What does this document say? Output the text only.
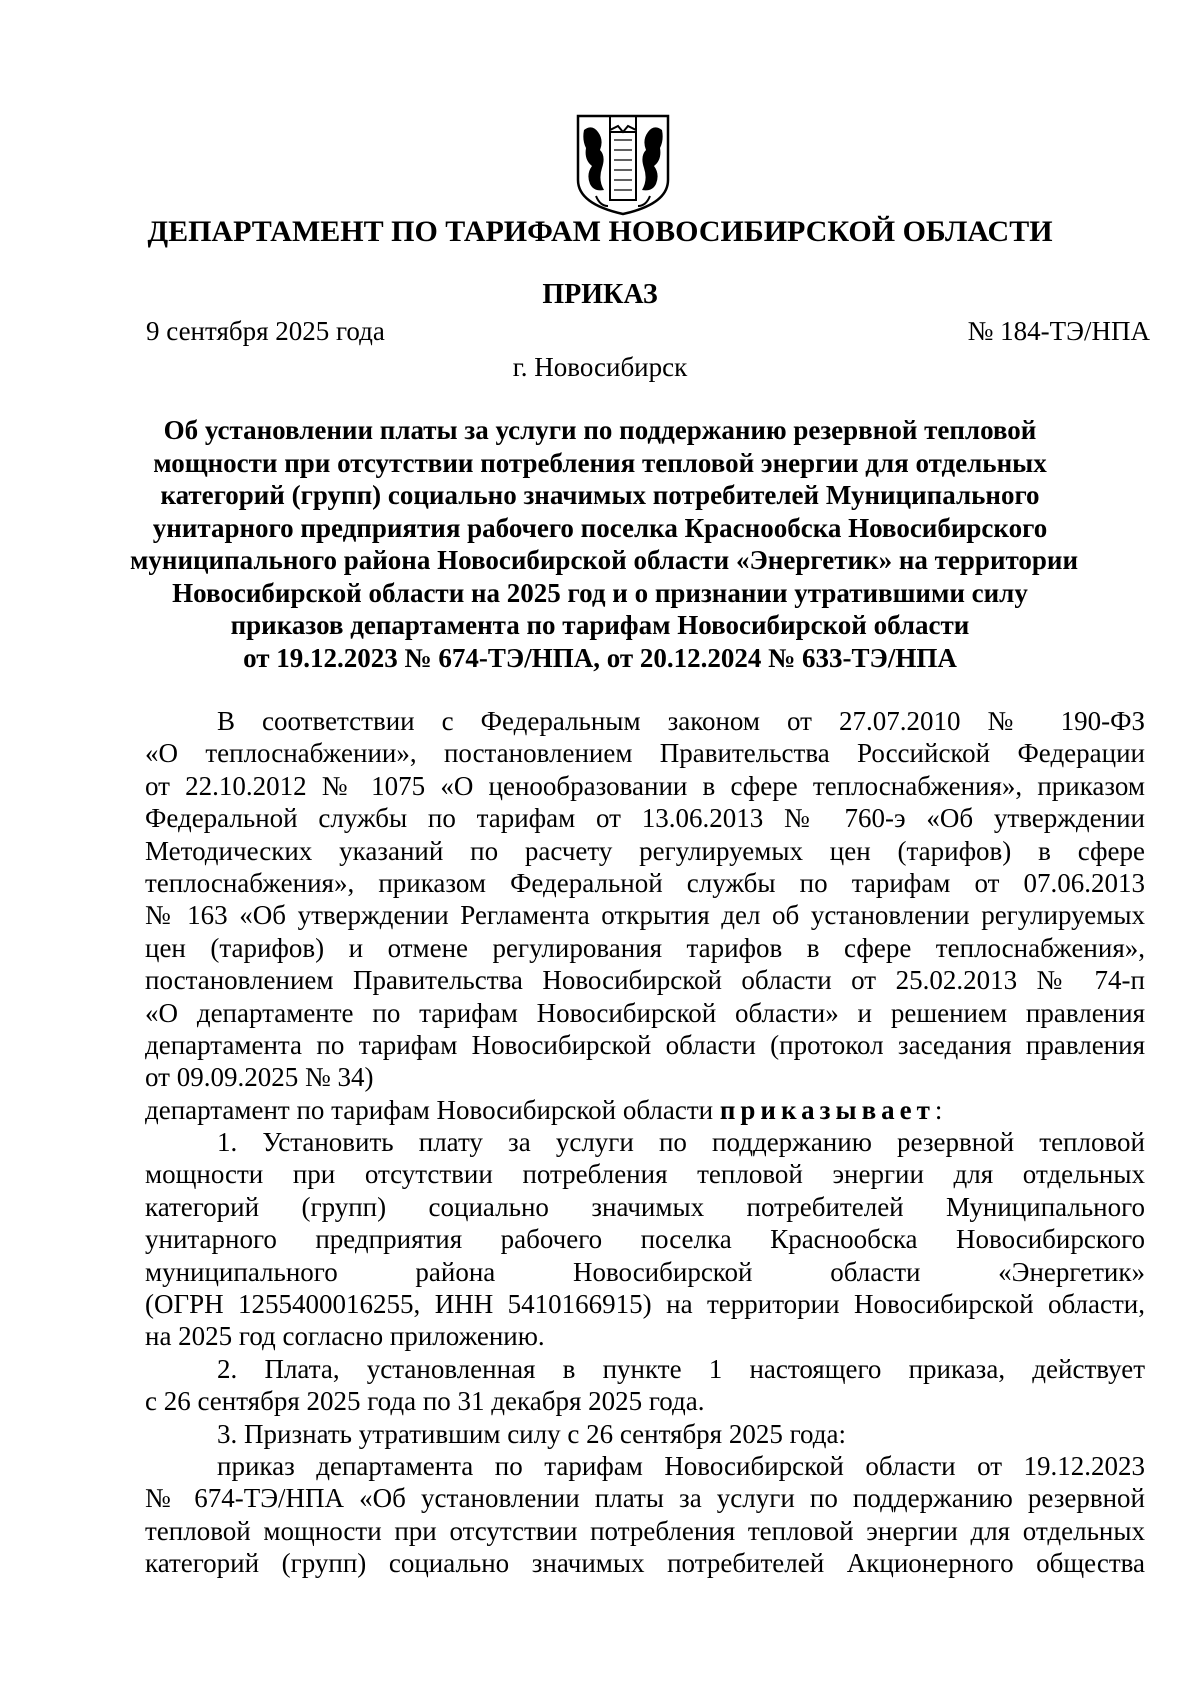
ДЕПАРТАМЕНТ ПО ТАРИФАМ НОВОСИБИРСКОЙ ОБЛАСТИ
ПРИКАЗ
9 сентября 2025 года	№ 184-ТЭ/НПА
г. Новосибирск
Об установлении платы за услуги по поддержанию резервной тепловой
мощности при отсутствии потребления тепловой энергии для отдельных
категорий (групп) социально значимых потребителей Муниципального
унитарного предприятия рабочего поселка Краснообска Новосибирского
муниципального района Новосибирской области «Энергетик» на территории
Новосибирской области на 2025 год и о признании утратившими силу
приказов департамента по тарифам Новосибирской области
от 19.12.2023 № 674-ТЭ/НПА, от 20.12.2024 № 633-ТЭ/НПА
В соответствии с Федеральным законом от 27.07.2010 № 190-ФЗ
«О теплоснабжении», постановлением Правительства Российской Федерации
от 22.10.2012 № 1075 «О ценообразовании в сфере теплоснабжения», приказом
Федеральной службы по тарифам от 13.06.2013 № 760-э «Об утверждении
Методических указаний по расчету регулируемых цен (тарифов) в сфере
теплоснабжения», приказом Федеральной службы по тарифам от 07.06.2013
№ 163 «Об утверждении Регламента открытия дел об установлении регулируемых
цен (тарифов) и отмене регулирования тарифов в сфере теплоснабжения»,
постановлением Правительства Новосибирской области от 25.02.2013 № 74-п
«О департаменте по тарифам Новосибирской области» и решением правления
департамента по тарифам Новосибирской области (протокол заседания правления
от 09.09.2025 № 34)
департамент по тарифам Новосибирской области приказывает:
1. Установить плату за услуги по поддержанию резервной тепловой
мощности при отсутствии потребления тепловой энергии для отдельных
категорий (групп) социально значимых потребителей Муниципального
унитарного предприятия рабочего поселка Краснообска Новосибирского
муниципального района Новосибирской области «Энергетик»
(ОГРН 1255400016255, ИНН 5410166915) на территории Новосибирской области,
на 2025 год согласно приложению.
2. Плата, установленная в пункте 1 настоящего приказа, действует
с 26 сентября 2025 года по 31 декабря 2025 года.
3. Признать утратившим силу с 26 сентября 2025 года:
приказ департамента по тарифам Новосибирской области от 19.12.2023
№ 674-ТЭ/НПА «Об установлении платы за услуги по поддержанию резервной
тепловой мощности при отсутствии потребления тепловой энергии для отдельных
категорий (групп) социально значимых потребителей Акционерного общества
